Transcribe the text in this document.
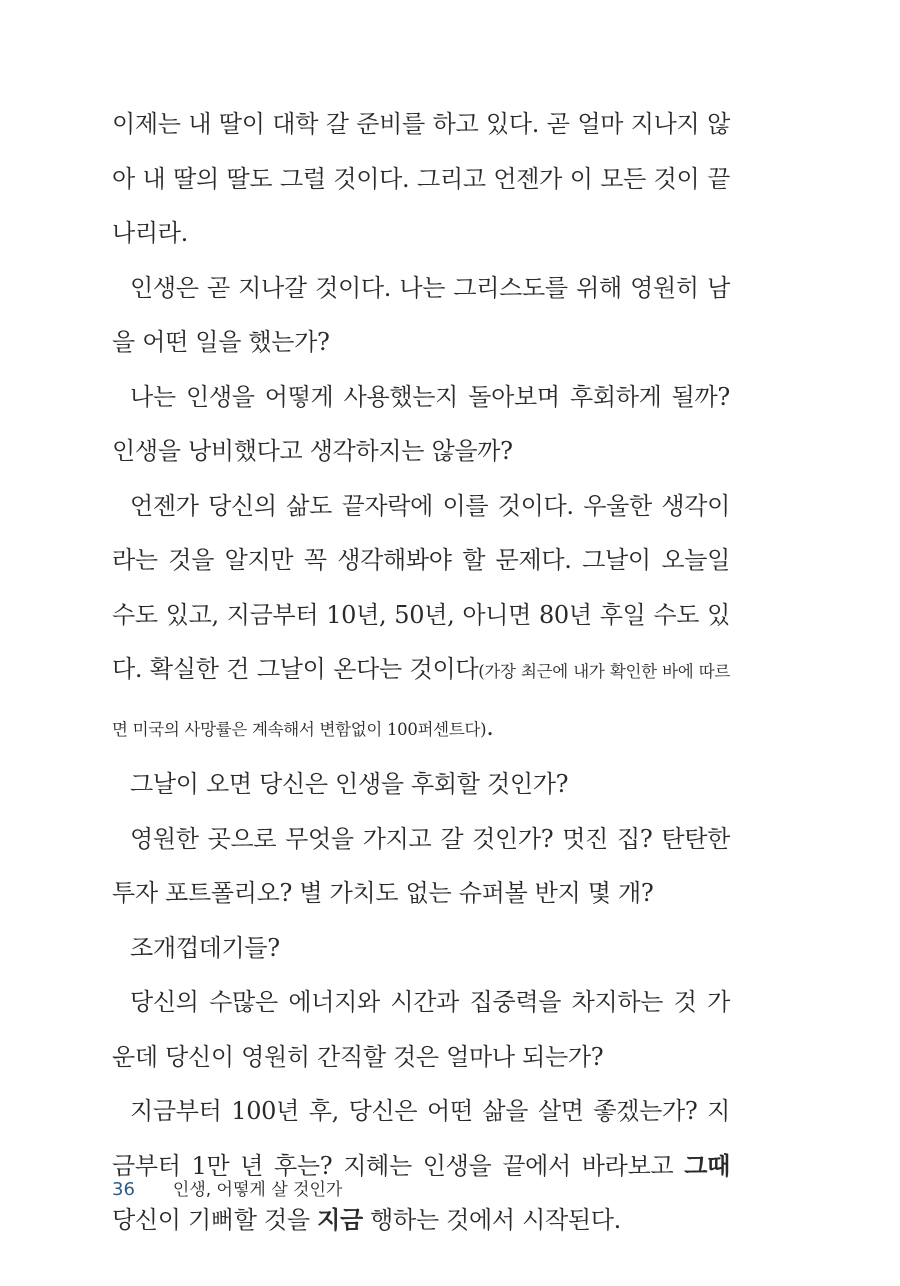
이제는 내 딸이 대학 갈 준비를 하고 있다. 곧 얼마 지나지 않아 내 딸의 딸도 그럴 것이다. 그리고 언젠가 이 모든 것이 끝나리라.

인생은 곧 지나갈 것이다. 나는 그리스도를 위해 영원히 남을 어떤 일을 했는가?

나는 인생을 어떻게 사용했는지 돌아보며 후회하게 될까? 인생을 낭비했다고 생각하지는 않을까?

언젠가 당신의 삶도 끝자락에 이를 것이다. 우울한 생각이라는 것을 알지만 꼭 생각해봐야 할 문제다. 그날이 오늘일 수도 있고, 지금부터 10년, 50년, 아니면 80년 후일 수도 있다. 확실한 건 그날이 온다는 것이다(가장 최근에 내가 확인한 바에 따르면 미국의 사망률은 계속해서 변함없이 100퍼센트다).

그날이 오면 당신은 인생을 후회할 것인가?

영원한 곳으로 무엇을 가지고 갈 것인가? 멋진 집? 탄탄한 투자 포트폴리오? 별 가치도 없는 슈퍼볼 반지 몇 개?

조개껍데기들?

당신의 수많은 에너지와 시간과 집중력을 차지하는 것 가운데 당신이 영원히 간직할 것은 얼마나 되는가?

지금부터 100년 후, 당신은 어떤 삶을 살면 좋겠는가? 지금부터 1만 년 후는? 지혜는 인생을 끝에서 바라보고 그때 당신이 기뻐할 것을 지금 행하는 것에서 시작된다.

36 인생, 어떻게 살 것인가
